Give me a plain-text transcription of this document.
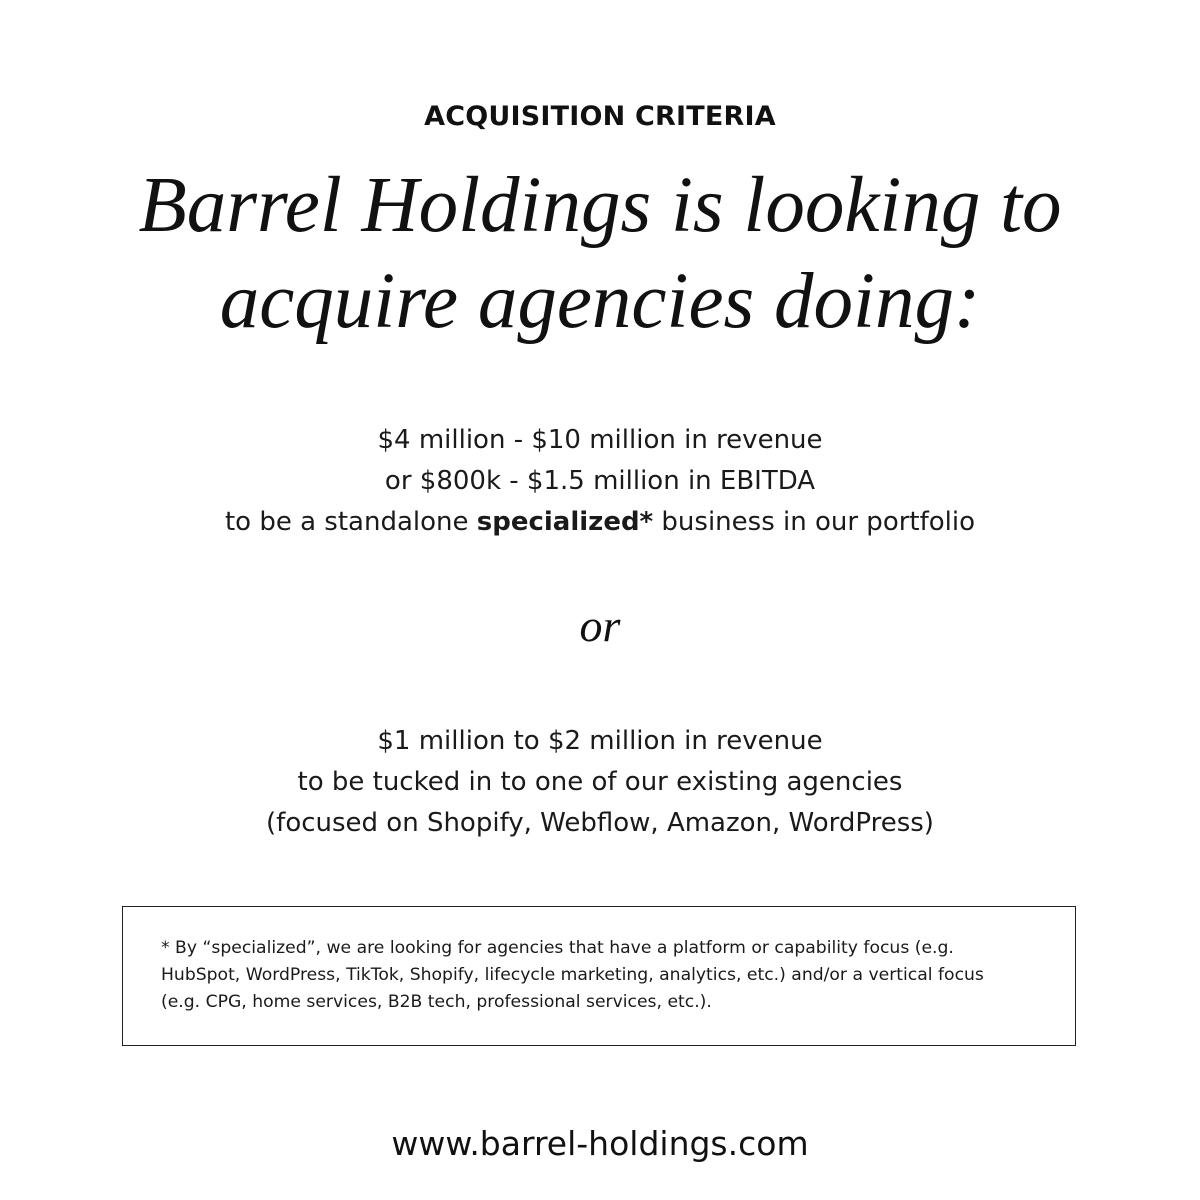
ACQUISITION CRITERIA
Barrel Holdings is looking to
acquire agencies doing:
$4 million - $10 million in revenue
or $800k - $1.5 million in EBITDA
to be a standalone specialized* business in our portfolio
or
$1 million to $2 million in revenue
to be tucked in to one of our existing agencies
(focused on Shopify, Webflow, Amazon, WordPress)
* By “specialized”, we are looking for agencies that have a platform or capability focus (e.g.
HubSpot, WordPress, TikTok, Shopify, lifecycle marketing, analytics, etc.) and/or a vertical focus
(e.g. CPG, home services, B2B tech, professional services, etc.).
www.barrel-holdings.com
